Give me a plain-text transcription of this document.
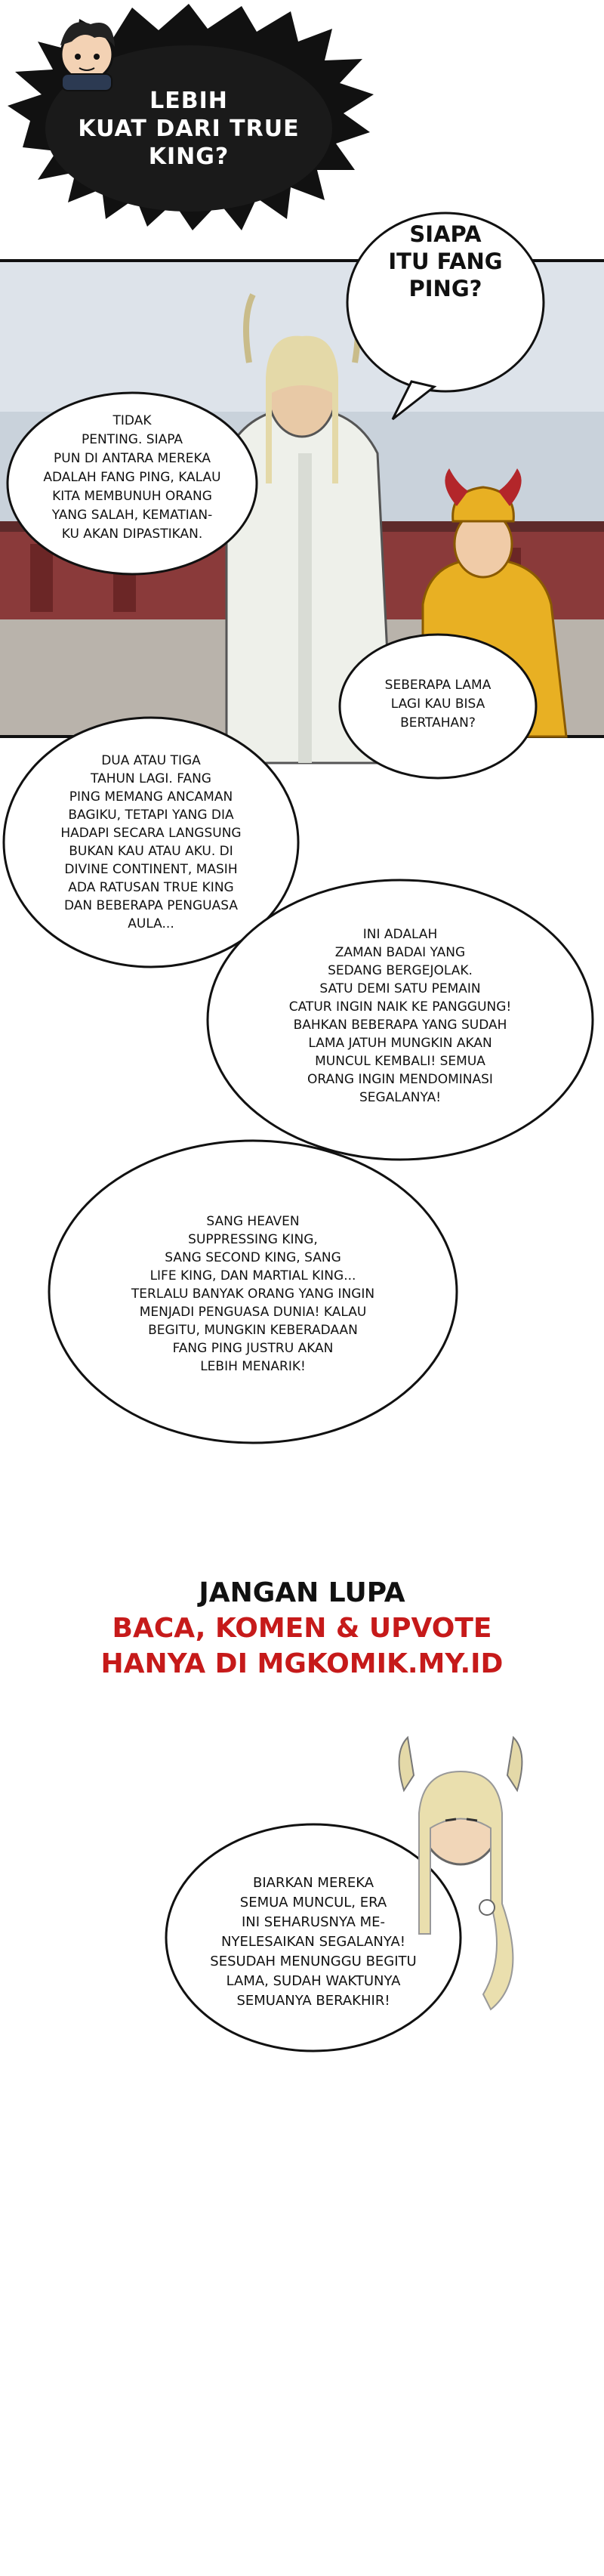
LEBIH
KUAT DARI TRUE
KING?
SIAPA
ITU FANG
PING?
TIDAK
PENTING. SIAPA
PUN DI ANTARA MEREKA
ADALAH FANG PING, KALAU
KITA MEMBUNUH ORANG
YANG SALAH, KEMATIAN-
KU AKAN DIPASTIKAN.
SEBERAPA LAMA
LAGI KAU BISA
BERTAHAN?
DUA ATAU TIGA
TAHUN LAGI. FANG
PING MEMANG ANCAMAN
BAGIKU, TETAPI YANG DIA
HADAPI SECARA LANGSUNG
BUKAN KAU ATAU AKU. DI
DIVINE CONTINENT, MASIH
ADA RATUSAN TRUE KING
DAN BEBERAPA PENGUASA
AULA...
INI ADALAH
ZAMAN BADAI YANG
SEDANG BERGEJOLAK.
SATU DEMI SATU PEMAIN
CATUR INGIN NAIK KE PANGGUNG!
BAHKAN BEBERAPA YANG SUDAH
LAMA JATUH MUNGKIN AKAN
MUNCUL KEMBALI! SEMUA
ORANG INGIN MENDOMINASI
SEGALANYA!
SANG HEAVEN
SUPPRESSING KING,
SANG SECOND KING, SANG
LIFE KING, DAN MARTIAL KING...
TERLALU BANYAK ORANG YANG INGIN
MENJADI PENGUASA DUNIA! KALAU
BEGITU, MUNGKIN KEBERADAAN
FANG PING JUSTRU AKAN
LEBIH MENARIK!
JANGAN LUPA
BACA, KOMEN & UPVOTE
HANYA DI MGKOMIK.MY.ID
BIARKAN MEREKA
SEMUA MUNCUL, ERA
INI SEHARUSNYA ME-
NYELESAIKAN SEGALANYA!
SESUDAH MENUNGGU BEGITU
LAMA, SUDAH WAKTUNYA
SEMUANYA BERAKHIR!
